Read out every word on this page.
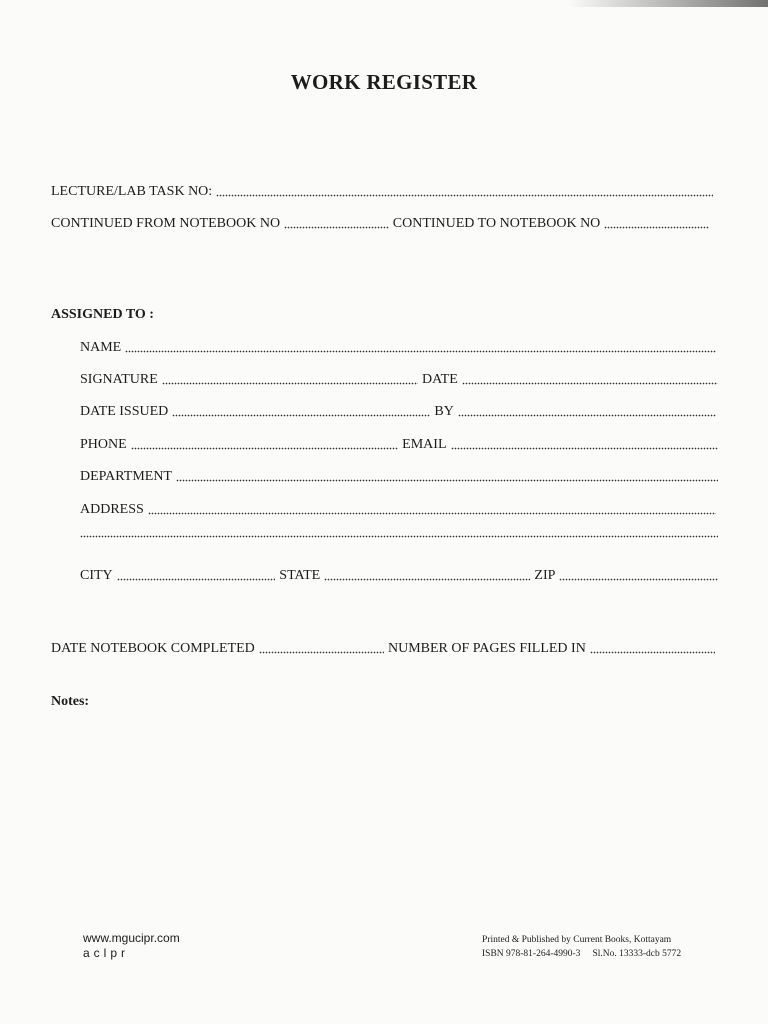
WORK REGISTER
LECTURE/LAB TASK NO:
CONTINUED FROM NOTEBOOK NO	CONTINUED TO NOTEBOOK NO
ASSIGNED TO :
NAME
SIGNATURE	DATE
DATE ISSUED	BY
PHONE	EMAIL
DEPARTMENT
ADDRESS
CITY	STATE	ZIP
DATE NOTEBOOK COMPLETED	NUMBER OF PAGES FILLED IN
Notes:
www.mgucipr.com
aclpr
Printed & Published by Current Books, Kottayam
ISBN 978-81-264-4990-3 Sl.No. 13333-dcb 5772
